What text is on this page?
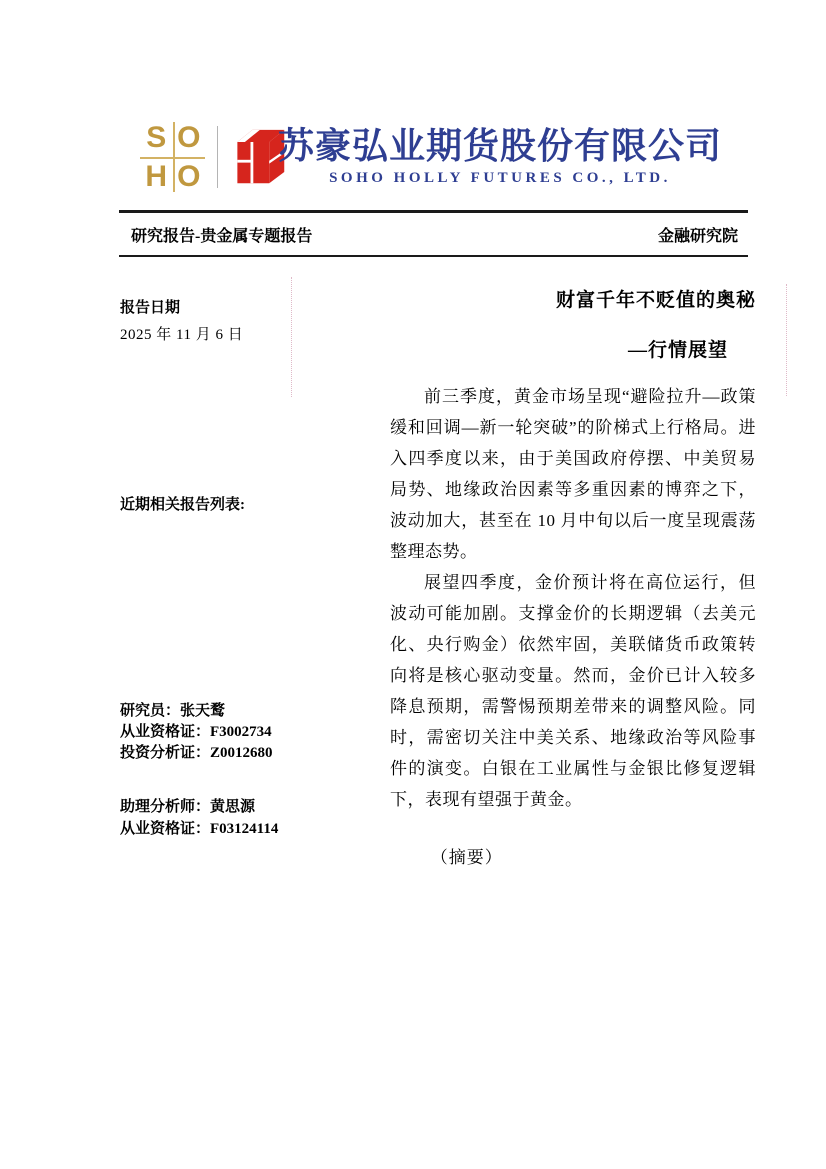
S O
H O
苏豪弘业期货股份有限公司
SOHO HOLLY FUTURES CO., LTD.
研究报告-贵金属专题报告	金融研究院
报告日期
2025 年 11 月 6 日
近期相关报告列表:
研究员：张天鹜
从业资格证：F3002734
投资分析证：Z0012680
助理分析师：黄思源
从业资格证：F03124114
财富千年不贬值的奥秘
—行情展望

前三季度，黄金市场呈现“避险拉升—政策缓和回调—新一轮突破”的阶梯式上行格局。进入四季度以来，由于美国政府停摆、中美贸易局势、地缘政治因素等多重因素的博弈之下，波动加大，甚至在 10 月中旬以后一度呈现震荡整理态势。

展望四季度，金价预计将在高位运行，但波动可能加剧。支撑金价的长期逻辑（去美元化、央行购金）依然牢固，美联储货币政策转向将是核心驱动变量。然而，金价已计入较多降息预期，需警惕预期差带来的调整风险。同时，需密切关注中美关系、地缘政治等风险事件的演变。白银在工业属性与金银比修复逻辑下，表现有望强于黄金。

（摘要）
